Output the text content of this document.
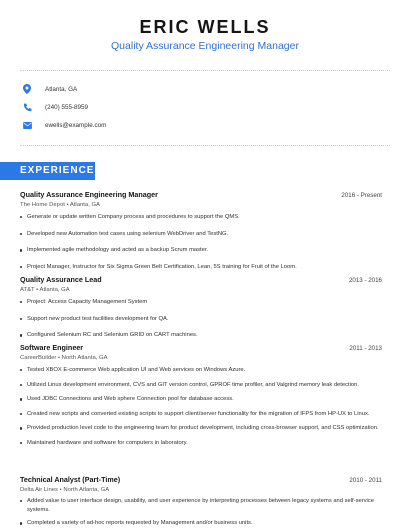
ERIC WELLS
Quality Assurance Engineering Manager
Atlanta, GA
(240) 555-8959
ewells@example.com
EXPERIENCE
Quality Assurance Engineering Manager	2016 - Present
The Home Depot • Atlanta, GA
Generate or update written Company process and procedures to support the QMS.
Developed new Automation test cases using selenium WebDriver and TestNG.
Implemented agile methodology and acted as a backup Scrum master.
Project Manager, Instructor for Six Sigma Green Belt Certification, Lean, 5S training for Fruit of the Loom.
Quality Assurance Lead	2013 - 2016
AT&T • Atlanta, GA
Project: Access Capacity Management System
Support new product test facilities development for QA.
Configured Selenium RC and Selenium GRID on CART machines.
Software Engineer	2011 - 2013
CareerBuilder • North Atlanta, GA
Tested XBOX E-commerce Web application UI and Web services on Windows Azure.
Utilized Linux development environment, CVS and GIT version control, GPROF time profiler, and Valgrind memory leak detection.
Used JDBC Connections and Web sphere Connection pool for database access.
Created new scripts and converted existing scripts to support client/server functionality for the migration of IFPS from HP-UX to Linux.
Provided production level code to the engineering team for product development, including cross-browser support, and CSS optimization.
Maintained hardware and software for computers in laboratory.
Technical Analyst (Part-Time)	2010 - 2011
Delta Air Lines • North Atlanta, GA
Added value to user interface design, usability, and user experience by interpreting processes between legacy systems and self-service systems.
Completed a variety of ad-hoc reports requested by Management and/or business units.
